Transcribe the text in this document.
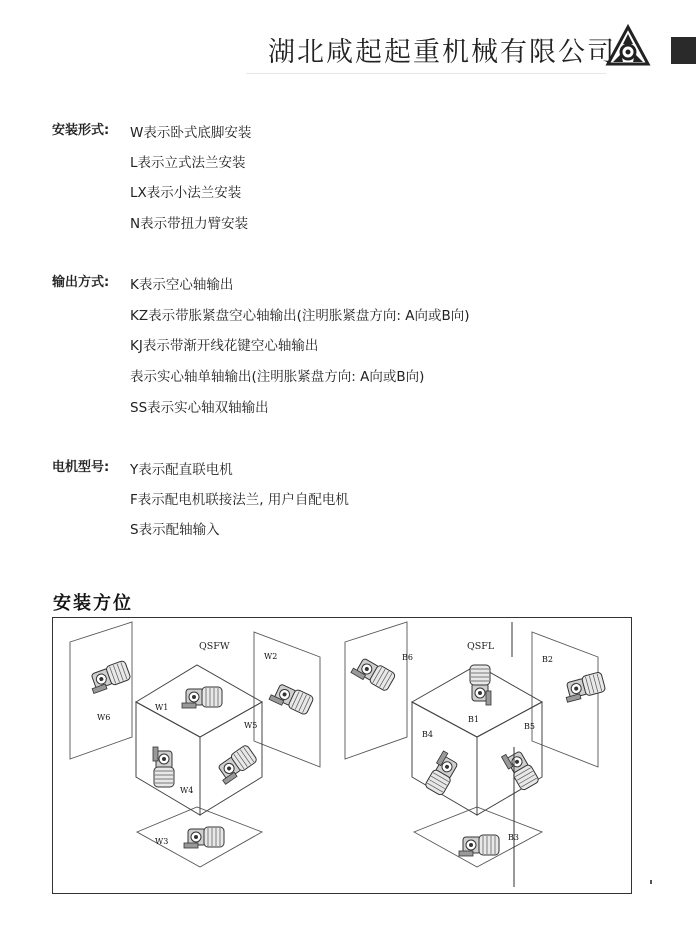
湖北咸起起重机械有限公司
安装形式: W表示卧式底脚安装
L表示立式法兰安装
LX表示小法兰安装
N表示带扭力臂安装
输出方式: K表示空心轴输出
KZ表示带胀紧盘空心轴输出(注明胀紧盘方向: A向或B向)
KJ表示带渐开线花键空心轴输出
表示实心轴单轴输出(注明胀紧盘方向: A向或B向)
SS表示实心轴双轴输出
电机型号: Y表示配直联电机
F表示配电机联接法兰, 用户自配电机
S表示配轴输入
安装方位
QSFW
W6
W2
W1
W4
W5
W3
QSFL
B6	B2
B1
B4
B5
B3
